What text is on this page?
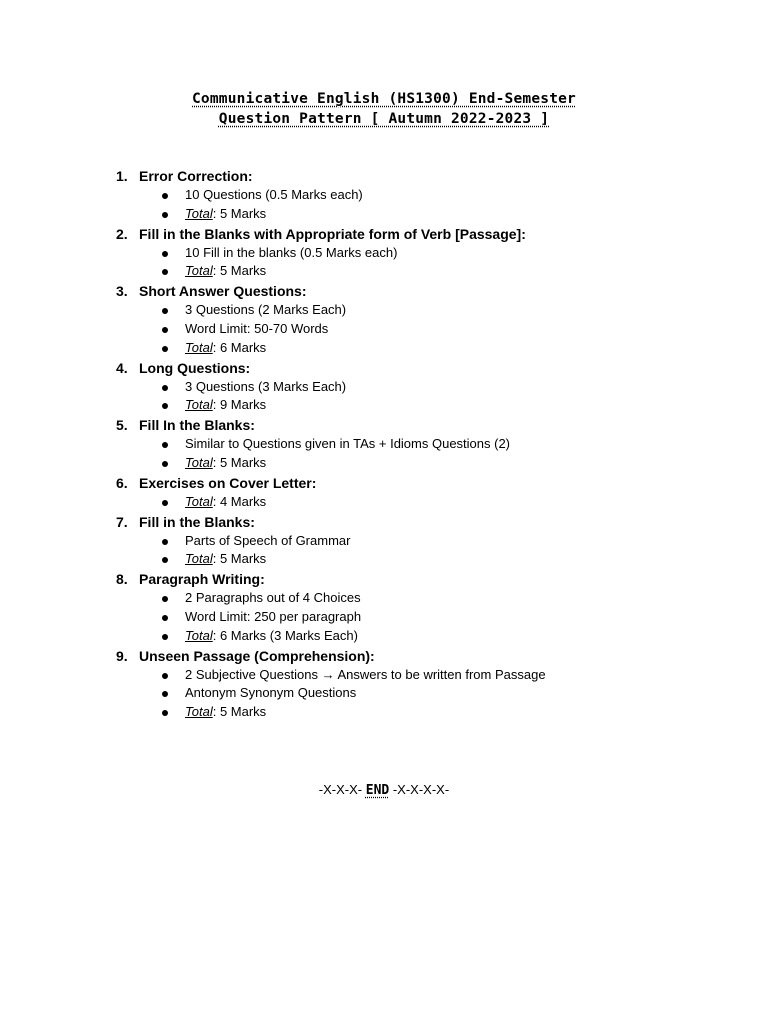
Communicative English (HS1300) End-Semester
Question Pattern [ Autumn 2022-2023 ]
1. Error Correction:
10 Questions (0.5 Marks each)
Total: 5 Marks
2. Fill in the Blanks with Appropriate form of Verb [Passage]:
10 Fill in the blanks (0.5 Marks each)
Total: 5 Marks
3. Short Answer Questions:
3 Questions (2 Marks Each)
Word Limit: 50-70 Words
Total: 6 Marks
4. Long Questions:
3 Questions (3 Marks Each)
Total: 9 Marks
5. Fill In the Blanks:
Similar to Questions given in TAs + Idioms Questions (2)
Total: 5 Marks
6. Exercises on Cover Letter:
Total: 4 Marks
7. Fill in the Blanks:
Parts of Speech of Grammar
Total: 5 Marks
8. Paragraph Writing:
2 Paragraphs out of 4 Choices
Word Limit: 250 per paragraph
Total: 6 Marks (3 Marks Each)
9. Unseen Passage (Comprehension):
2 Subjective Questions → Answers to be written from Passage
Antonym Synonym Questions
Total: 5 Marks
-X-X-X- END -X-X-X-X-
